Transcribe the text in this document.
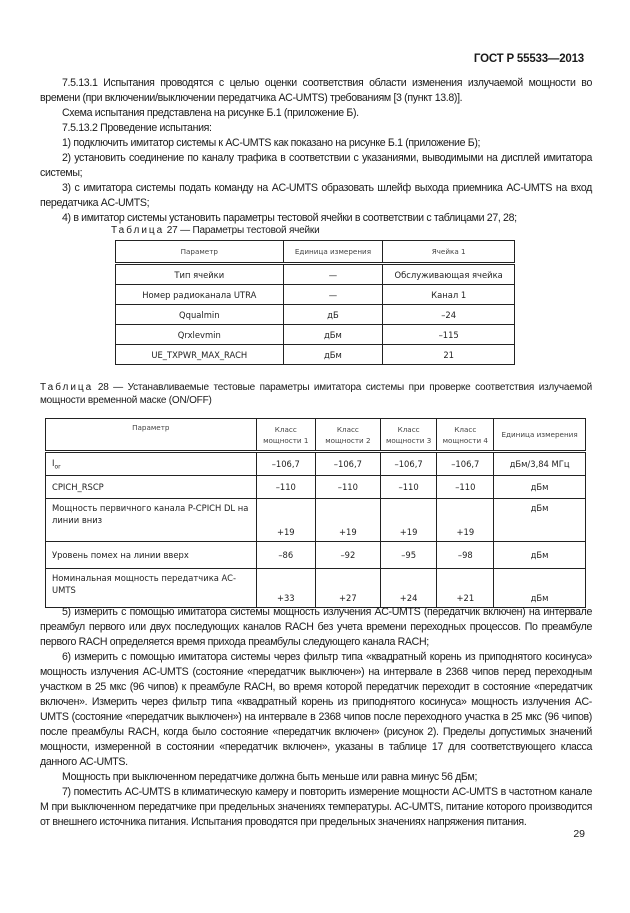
ГОСТ Р 55533—2013

7.5.13.1 Испытания проводятся с целью оценки соответствия области изменения излучаемой мощности во времени (при включении/выключении передатчика AC-UMTS) требованиям [3 (пункт 13.8)].

Схема испытания представлена на рисунке Б.1 (приложение Б).

7.5.13.2 Проведение испытания:

1) подключить имитатор системы к AC-UMTS как показано на рисунке Б.1 (приложение Б);

2) установить соединение по каналу трафика в соответствии с указаниями, выводимыми на дисплей имитатора системы;

3) с имитатора системы подать команду на AC-UMTS образовать шлейф выхода приемника AC-UMTS на вход передатчика AC-UMTS;

4) в имитатор системы установить параметры тестовой ячейки в соответствии с таблицами 27, 28;

Таблица 27 — Параметры тестовой ячейки
Параметр	Единица измерения	Ячейка 1
Тип ячейки	—	Обслуживающая ячейка
Номер радиоканала UTRA	—	Канал 1
Qqualmin	дБ	–24
Qrxlevmin	дБм	–115
UE_TXPWR_MAX_RACH	дБм	21
Таблица 28 — Устанавливаемые тестовые параметры имитатора системы при проверке соответствия излучаемой мощности временной маске (ON/OFF)
Параметр	Класс мощности 1	Класс мощности 2	Класс мощности 3	Класс мощности 4	Единица измерения
$I_{or}$	–106,7	–106,7	–106,7	–106,7	дБм/3,84 МГц
CPICH_RSCP	–110	–110	–110	–110	дБм
Мощность первичного канала P-CPICH DL на линии вниз	+19	+19	+19	+19	дБм
Уровень помех на линии вверх	–86	–92	–95	–98	дБм
Номинальная мощность передатчика AC-UMTS	+33	+27	+24	+21	дБм

5) измерить с помощью имитатора системы мощность излучения AC-UMTS (передатчик включен) на интервале преамбул первого или двух последующих каналов RACH без учета времени переходных процессов. По преамбуле первого RACH определяется время прихода преамбулы следующего канала RACH;

6) измерить с помощью имитатора системы через фильтр типа «квадратный корень из приподнятого косинуса» мощность излучения AC-UMTS (состояние «передатчик выключен») на интервале в 2368 чипов перед переходным участком в 25 мкс (96 чипов) к преамбуле RACH, во время которой передатчик переходит в состояние «передатчик включен». Измерить через фильтр типа «квадратный корень из приподнятого косинуса» мощность излучения AC-UMTS (состояние «передатчик выключен») на интервале в 2368 чипов после переходного участка в 25 мкс (96 чипов) после преамбулы RACH, когда было состояние «передатчик включен» (рисунок 2). Пределы допустимых значений мощности, измеренной в состоянии «передатчик включен», указаны в таблице 17 для соответствующего класса данного AC-UMTS.

Мощность при выключенном передатчике должна быть меньше или равна минус 56 дБм;

7) поместить AC-UMTS в климатическую камеру и повторить измерение мощности AC-UMTS в частотном канале М при выключенном передатчике при предельных значениях температуры. AC-UMTS, питание которого производится от внешнего источника питания. Испытания проводятся при предельных значениях напряжения питания.

29
